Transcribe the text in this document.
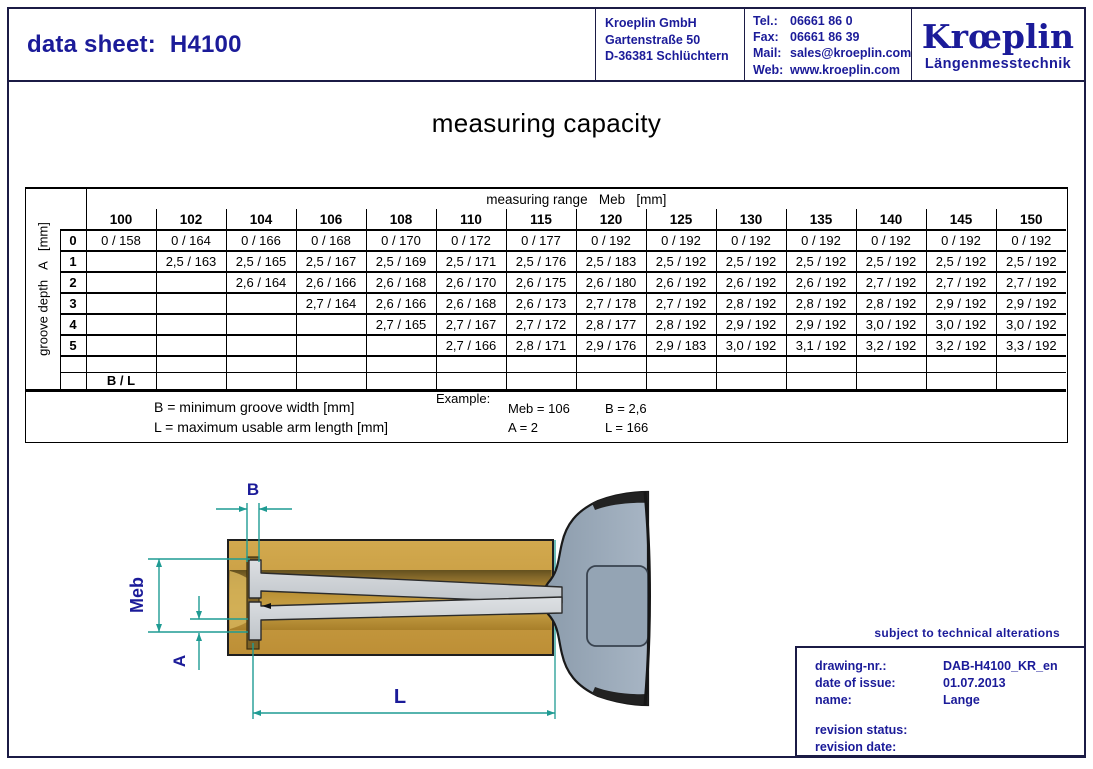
data sheet: H4100
Kroeplin GmbH
Gartenstraße 50
D-36381 Schlüchtern
Tel.: 06661 86 0
Fax: 06661 86 39
Mail: sales@kroeplin.com
Web: www.kroeplin.com
Krœplin
Längenmesstechnik
measuring capacity
groove depth   A   [mm]		measuring range   Meb   [mm]													
		100	102	104	106	108	110	115	120	125	130	135	140	145	150
	0	0 / 158	0 / 164	0 / 166	0 / 168	0 / 170	0 / 172	0 / 177	0 / 192	0 / 192	0 / 192	0 / 192	0 / 192	0 / 192	0 / 192
	1		2,5 / 163	2,5 / 165	2,5 / 167	2,5 / 169	2,5 / 171	2,5 / 176	2,5 / 183	2,5 / 192	2,5 / 192	2,5 / 192	2,5 / 192	2,5 / 192	2,5 / 192
	2			2,6 / 164	2,6 / 166	2,6 / 168	2,6 / 170	2,6 / 175	2,6 / 180	2,6 / 192	2,6 / 192	2,6 / 192	2,7 / 192	2,7 / 192	2,7 / 192
	3				2,7 / 164	2,6 / 166	2,6 / 168	2,6 / 173	2,7 / 178	2,7 / 192	2,8 / 192	2,8 / 192	2,8 / 192	2,9 / 192	2,9 / 192
	4					2,7 / 165	2,7 / 167	2,7 / 172	2,8 / 177	2,8 / 192	2,9 / 192	2,9 / 192	3,0 / 192	3,0 / 192	3,0 / 192
	5						2,7 / 166	2,8 / 171	2,9 / 176	2,9 / 183	3,0 / 192	3,1 / 192	3,2 / 192	3,2 / 192	3,3 / 192

		B / L													
B = minimum groove width [mm]
L = maximum usable arm length [mm]
Example:
Meb = 106	B = 2,6
A = 2	L = 166
B
Meb
A
L
subject to technical alterations
drawing-nr.:	DAB-H4100_KR_en
date of issue:	01.07.2013
name:	Lange
revision status:
revision date:
